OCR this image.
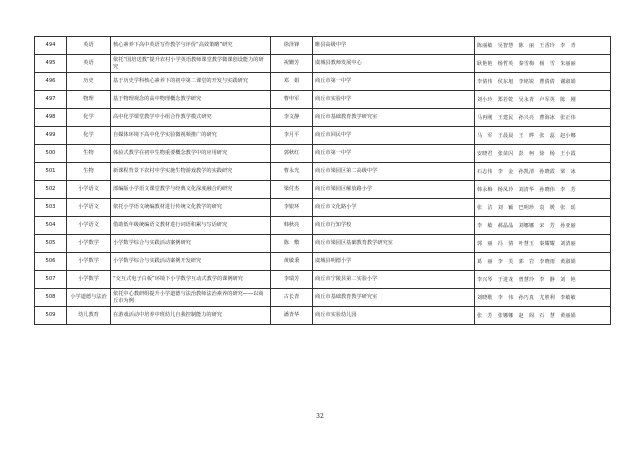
494	英语	核心素养下高中英语写作教学与评价“高效策略”研究	徐泽锋	睢县高级中学	陈丽敏　吴智慧　陈　丽　王香玲　李　青
495	英语	依托“国培送教”提升农村小学英语教师课堂教学微课创设能力的研究	祝姗芳	虞城县教师发展中心	耿艳艳　杨哲英　秦雪梅　杨　雪　朱丽丽
496	历史	基于历史学科核心素养下的初中第二课堂的开发与实践研究	邓　娟	商丘市第一中学	李倩伟　侯东旭　李铭锐　曹倩倩　谢淑娟
497	物理	基于物理观念的高中物理概念教学研究	曹申军	商丘市实验中学	刘小玲　郑若乾　吴永青　卢军英　陈　刚
498	化学	高中化学课堂教学中小组合作教学模式研究	李文静	商丘市基础教育教学研究室	马再刚　王建民　孙兴亮　曹海冰　张正伟
499	化学	自媒体环境下高中化学实验微视频推广的研究	李月平	商丘市回民中学	马　军　王晨晨　王　晔　张　蕊　赵小娜
500	生物	体验式教学在初中生物重要概念教学中的应用研究	郭秋红	商丘市第一中学	安晓君　张苗闪　彭　柯　徐　杨　王小霞
501	生物	新课程背景下农村中学实施生物游戏教学的实践研究	曹永光	商丘市梁园区第二高级中学	石志伟　李　金　孙凯清　孙晓霞　梁　冰
502	小学语文	部编版小学语文课堂教学与经典文化深度融合的研究	梁付杰	商丘市梁园区解放路小学	韩永梅　杨凤玲　刘清华　孙晓伟　李　芳
503	小学语文	依托小学语文统编教材进行传统文化教学的研究	李银环	商丘市文化路小学	张　洁　刘　颖　巴明珍　袁　媛　张　瑶
504	小学语文	借助低年级统编语文教材进行词语积累与写话研究	韩秋亮	商丘市行知学校	李　敏　郝晶晶　刘娜娜　宋　芳　孙亚丽
505	小学数学	小学数学综合与实践活动案例研究	陈　敷	商丘市梁园区基础教育教学研究室	郭　丽　冯　倩　叶慧玉　秦耀耀　刘清丽
506	小学数学	小学数学综合与实践活动案例开发研究	黄敏秉	虞城县明德小学	葛　丽　李　芙　郭　岩　李晓雨　黄淑娟
507	小学数学	“交互式电子白板”环境下小学数学互动式教学的课例研究	李瑞芳	商丘市宁陵县第二实验小学	李兴琴　于进龙　曾慧玲　李　静　刘　艳
508	小学道德与法治	依托中心教研组提升小学道德与法治教师法治素养的研究——以商丘市为例	古长青	商丘市基础教育教学研究室	刘晓歌　李　伟　孙巧真　尤胜利　李敏敏
509	幼儿教育	在游戏活动中培养中班幼儿自我控制能力的研究	潘青华	商丘市实验幼儿园	张　芳　张娜娜　赵　阁　石　慧　黄丽娟
32
